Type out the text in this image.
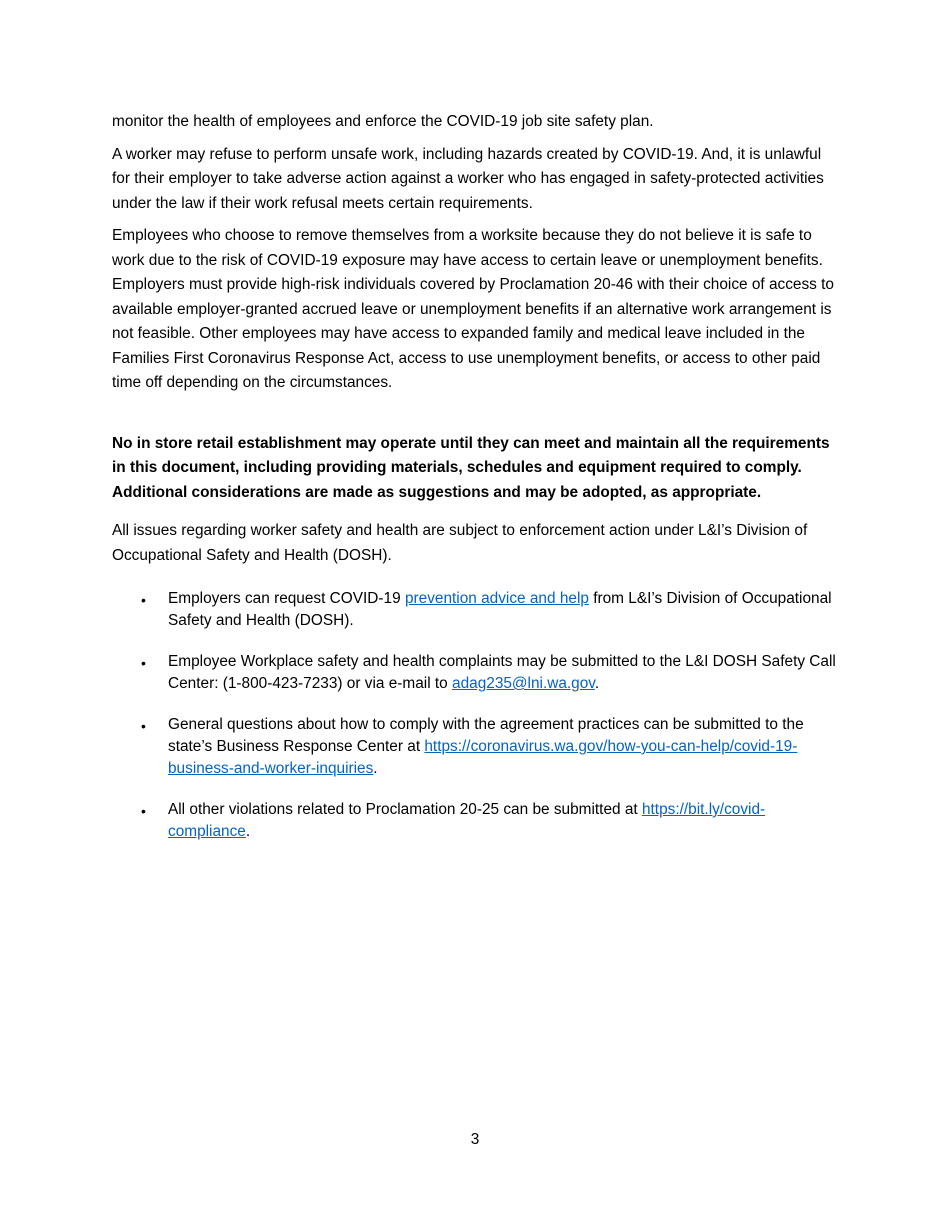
monitor the health of employees and enforce the COVID-19 job site safety plan.

A worker may refuse to perform unsafe work, including hazards created by COVID-19. And, it is unlawful for their employer to take adverse action against a worker who has engaged in safety-protected activities under the law if their work refusal meets certain requirements.

Employees who choose to remove themselves from a worksite because they do not believe it is safe to work due to the risk of COVID-19 exposure may have access to certain leave or unemployment benefits. Employers must provide high-risk individuals covered by Proclamation 20-46 with their choice of access to available employer-granted accrued leave or unemployment benefits if an alternative work arrangement is not feasible. Other employees may have access to expanded family and medical leave included in the Families First Coronavirus Response Act, access to use unemployment benefits, or access to other paid time off depending on the circumstances.

No in store retail establishment may operate until they can meet and maintain all the requirements in this document, including providing materials, schedules and equipment required to comply. Additional considerations are made as suggestions and may be adopted, as appropriate.

All issues regarding worker safety and health are subject to enforcement action under L&I’s Division of Occupational Safety and Health (DOSH).

• Employers can request COVID-19 prevention advice and help from L&I’s Division of Occupational Safety and Health (DOSH).
• Employee Workplace safety and health complaints may be submitted to the L&I DOSH Safety Call Center: (1-800-423-7233) or via e-mail to adag235@lni.wa.gov.
• General questions about how to comply with the agreement practices can be submitted to the state’s Business Response Center at https://coronavirus.wa.gov/how-you-can-help/covid-19-business-and-worker-inquiries.
• All other violations related to Proclamation 20-25 can be submitted at https://bit.ly/covid-compliance.
3
